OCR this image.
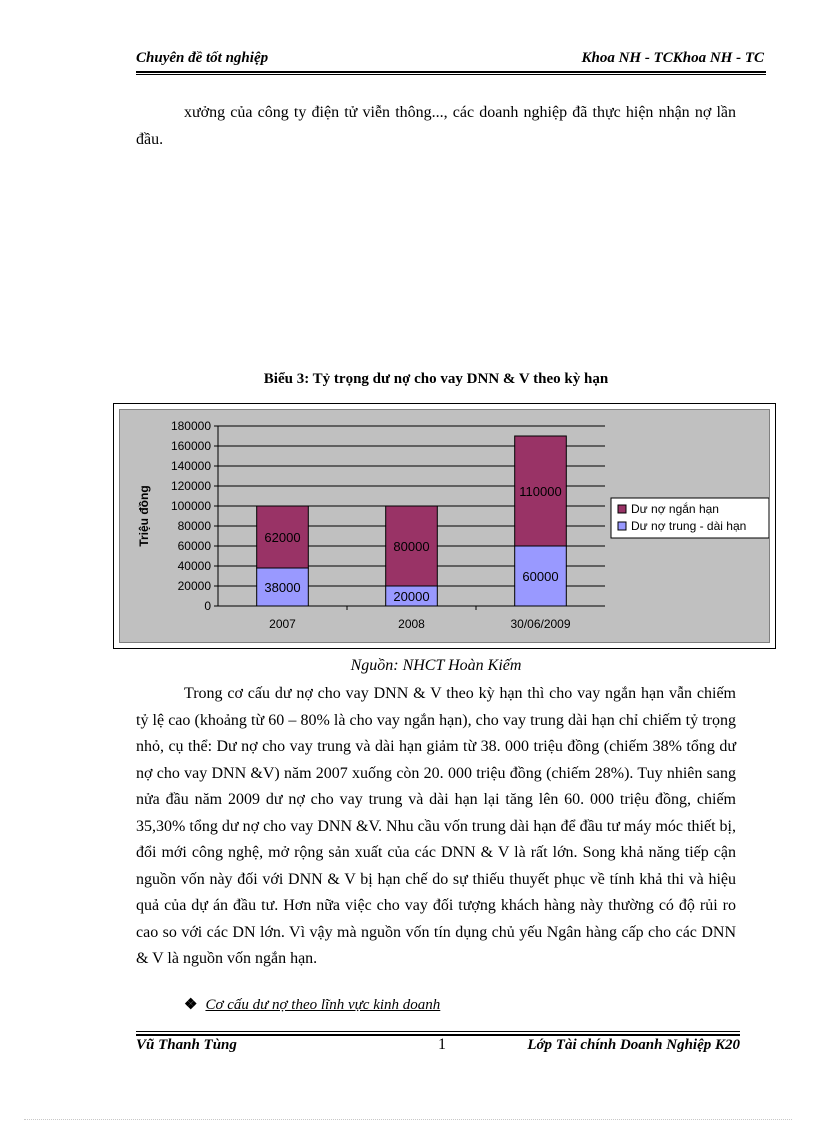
Chuyên đề tốt nghiệp	Khoa NH - TCKhoa NH - TC

xưởng của công ty điện tử viễn thông..., các doanh nghiệp đã thực hiện nhận nợ lần đầu.

Biểu 3: Tỷ trọng dư nợ cho vay DNN & V theo kỳ hạn
0
20000
40000
60000
80000
100000
120000
140000
160000
180000
38000
62000
20000
80000
60000
110000
2007	2008	30/06/2009
Triệu đồng	Dư nợ ngắn hạn
Dư nợ trung - dài hạn
Nguồn: NHCT Hoàn Kiếm

Trong cơ cấu dư nợ cho vay DNN & V theo kỳ hạn thì cho vay ngắn hạn vẫn chiếm tỷ lệ cao (khoảng từ 60 – 80% là cho vay ngắn hạn), cho vay trung dài hạn chỉ chiếm tỷ trọng nhỏ, cụ thể: Dư nợ cho vay trung và dài hạn giảm từ 38. 000 triệu đồng (chiếm 38% tổng dư nợ cho vay DNN &V) năm 2007 xuống còn 20. 000 triệu đồng (chiếm 28%). Tuy nhiên sang nửa đầu năm 2009 dư nợ cho vay trung và dài hạn lại tăng lên 60. 000 triệu đồng, chiếm 35,30% tổng dư nợ cho vay DNN &V. Nhu cầu vốn trung dài hạn để đầu tư máy móc thiết bị, đổi mới công nghệ, mở rộng sản xuất của các DNN & V là rất lớn. Song khả năng tiếp cận nguồn vốn này đối với DNN & V bị hạn chế do sự thiếu thuyết phục về tính khả thi và hiệu quả của dự án đầu tư. Hơn nữa việc cho vay đối tượng khách hàng này thường có độ rủi ro cao so với các DN lớn. Vì vậy mà nguồn vốn tín dụng chủ yếu Ngân hàng cấp cho các DNN & V là nguồn vốn ngắn hạn.

❖ Cơ cấu dư nợ theo lĩnh vực kinh doanh
Vũ Thanh Tùng	1	Lớp Tài chính Doanh Nghiệp K20
